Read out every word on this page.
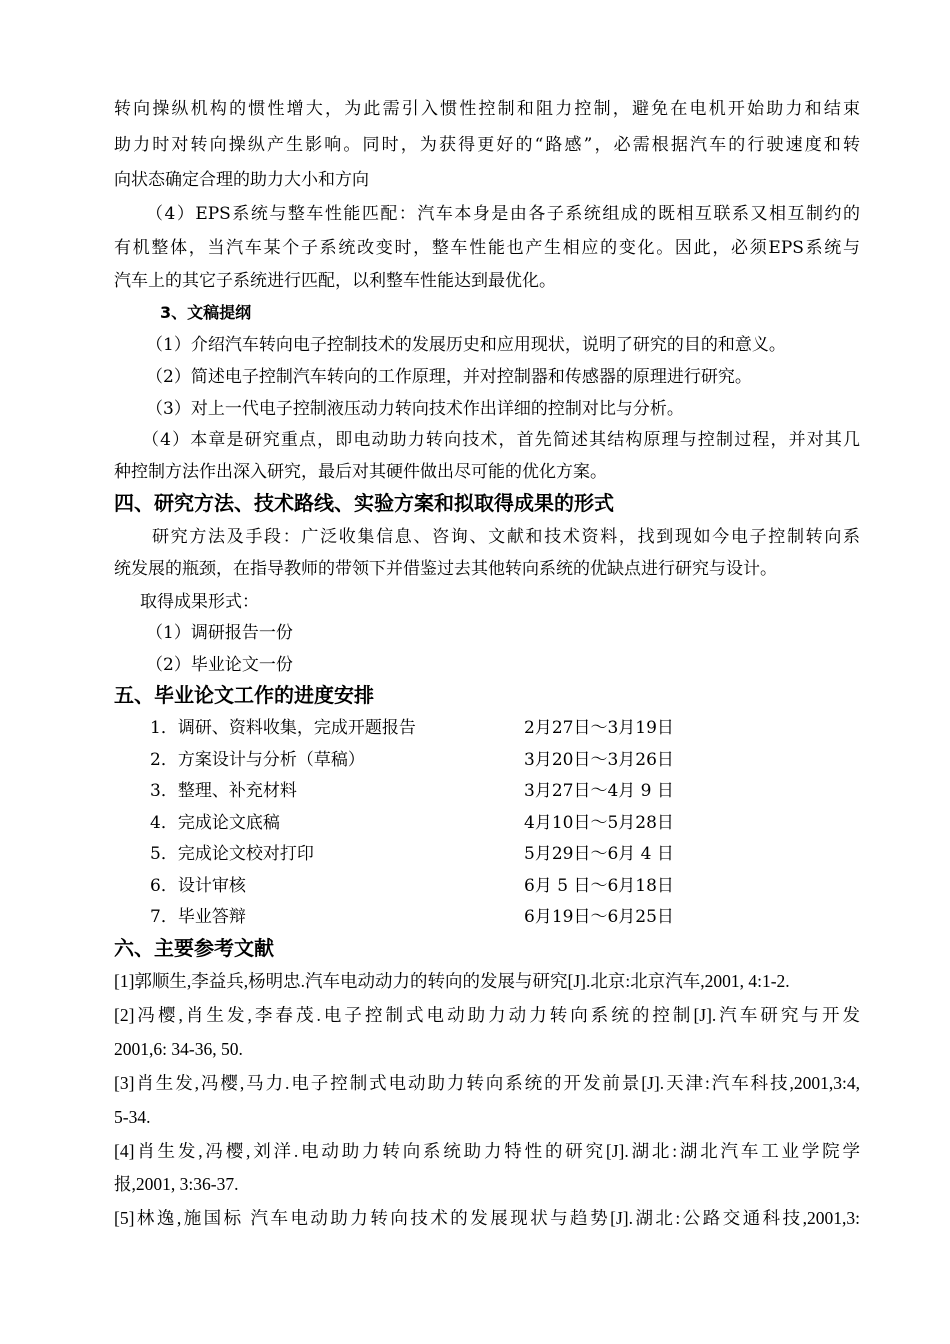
转向操纵机构的惯性增大，为此需引入惯性控制和阻力控制，避免在电机开始助力和结束
助力时对转向操纵产生影响。同时，为获得更好的“路感”，必需根据汽车的行驶速度和转
向状态确定合理的助力大小和方向
（4）EPS系统与整车性能匹配：汽车本身是由各子系统组成的既相互联系又相互制约的
有机整体，当汽车某个子系统改变时，整车性能也产生相应的变化。因此，必须EPS系统与
汽车上的其它子系统进行匹配，以利整车性能达到最优化。
3、文稿提纲
（1）介绍汽车转向电子控制技术的发展历史和应用现状，说明了研究的目的和意义。
（2）简述电子控制汽车转向的工作原理，并对控制器和传感器的原理进行研究。
（3）对上一代电子控制液压动力转向技术作出详细的控制对比与分析。
（4）本章是研究重点，即电动助力转向技术，首先简述其结构原理与控制过程，并对其几
种控制方法作出深入研究，最后对其硬件做出尽可能的优化方案。
四、研究方法、技术路线、实验方案和拟取得成果的形式
研究方法及手段：广泛收集信息、咨询、文献和技术资料，找到现如今电子控制转向系
统发展的瓶颈，在指导教师的带领下并借鉴过去其他转向系统的优缺点进行研究与设计。
取得成果形式：
（1）调研报告一份
（2）毕业论文一份
五、毕业论文工作的进度安排
1．调研、资料收集，完成开题报告	2月27日～3月19日
2．方案设计与分析（草稿）	3月20日～3月26日
3．整理、补充材料	3月27日～4月 9 日
4．完成论文底稿	4月10日～5月28日
5．完成论文校对打印	5月29日～6月 4 日
6．设计审核	6月 5 日～6月18日
7．毕业答辩	6月19日～6月25日
六、主要参考文献
[1]郭顺生,李益兵,杨明忠.汽车电动动力的转向的发展与研究[J].北京:北京汽车,2001, 4:1-2.
[2]冯樱,肖生发,李春茂.电子控制式电动助力动力转向系统的控制[J].汽车研究与开发
2001,6: 34-36, 50.
[3]肖生发,冯樱,马力.电子控制式电动助力转向系统的开发前景[J].天津:汽车科技,2001,3:4,
5-34.
[4]肖生发,冯樱,刘洋.电动助力转向系统助力特性的研究[J].湖北:湖北汽车工业学院学
报,2001, 3:36-37.
[5]林逸,施国标 汽车电动助力转向技术的发展现状与趋势[J].湖北:公路交通科技,2001,3:
